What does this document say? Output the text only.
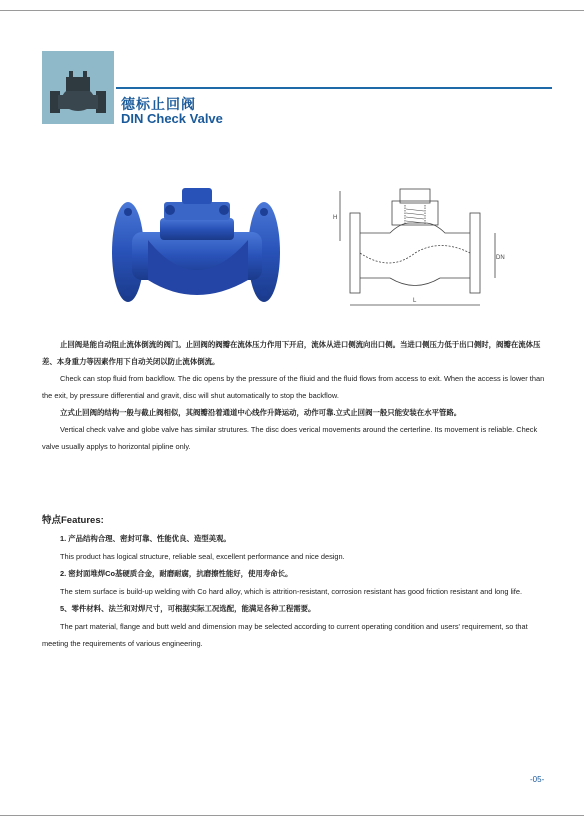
德标止回阀
DIN Check Valve
H
DN
L

止回阀是能自动阻止流体倒流的阀门。止回阀的阀瓣在流体压力作用下开启，流体从进口侧流向出口侧。当进口侧压力低于出口侧时，阀瓣在流体压差、本身重力等因素作用下自动关闭以防止流体倒流。

Check can stop fluid from backflow. The dic opens by the pressure of the fliuid and the fluid flows from access to exit. When the access is lower than the exit, by pressure differential and gravit, disc will shut automatically to stop the backflow.

立式止回阀的结构一般与截止阀相似，其阀瓣沿着通道中心线作升降运动，动作可靠.立式止回阀一般只能安装在水平管路。

Vertical check valve and globe valve has similar strutures. The disc does verical movements around the certerline. Its movement is reliable. Check valve usually applys to horizontal pipline only.

特点Features:

1. 产品结构合理、密封可靠、性能优良、造型美观。

This product has logical structure, reliable seal, excellent performance and nice design.

2. 密封面堆焊Co基硬质合金，耐磨耐腐，抗磨擦性能好，使用寿命长。

The stem surface is build-up welding with Co hard alloy, which is attrition-resistant, corrosion resistant has good friction resistant and long life.

5、零件材料、法兰和对焊尺寸，可根据实际工况选配，能满足各种工程需要。

The part material, flange and butt weld and dimension may be selected according to current operating condition and users' requirement, so that meeting the requirements of various engineering.

-05-
